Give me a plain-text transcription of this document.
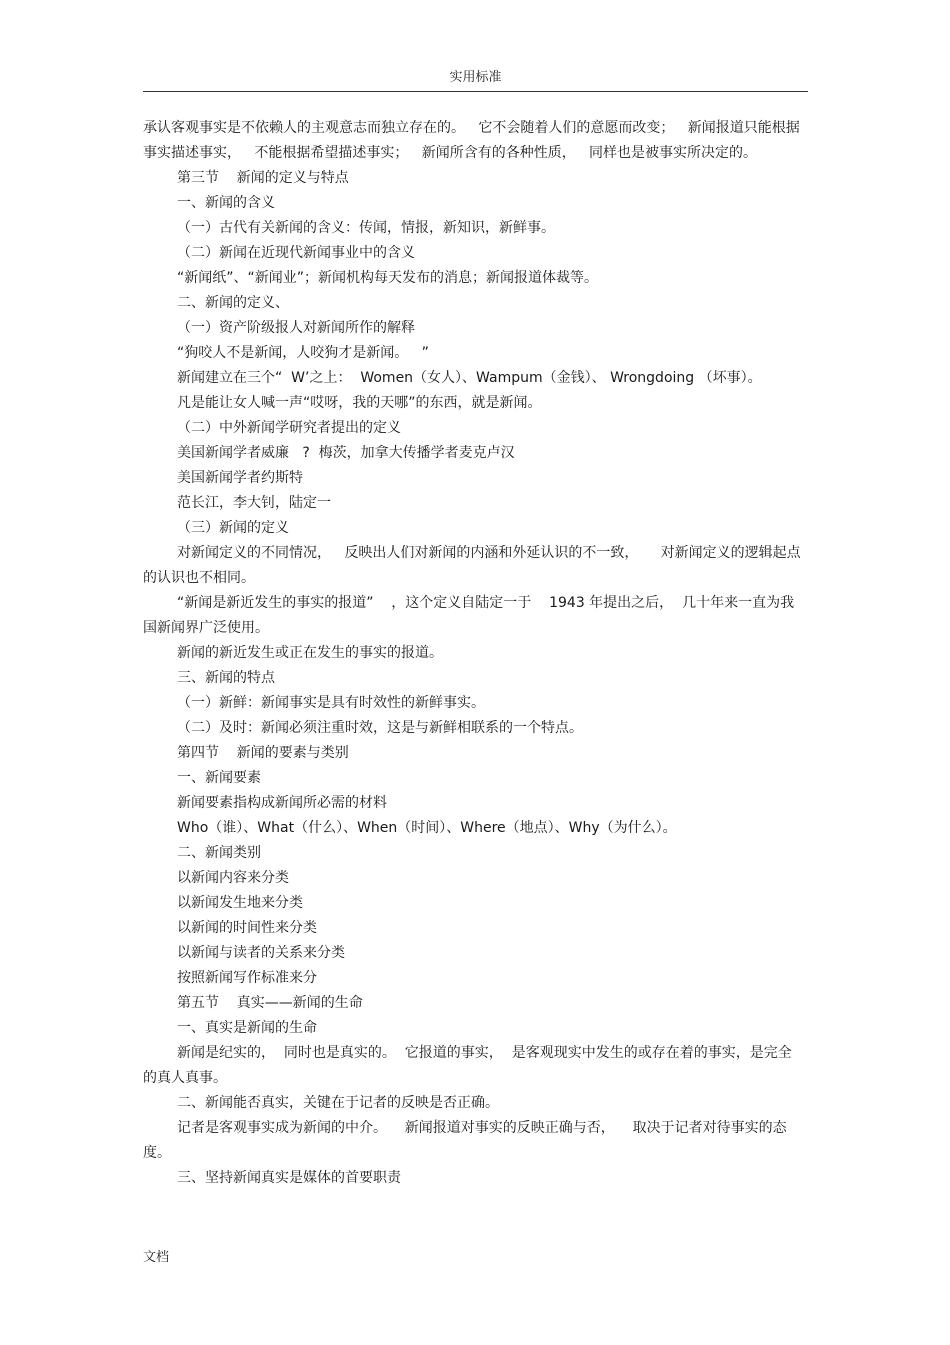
实用标准

承认客观事实是不依赖人的主观意志而独立存在的。   它不会随着人们的意愿而改变；   新闻报道只能根据事实描述事实，   不能根据希望描述事实；   新闻所含有的各种性质，   同样也是被事实所决定的。

第三节    新闻的定义与特点

一、新闻的含义

（一）古代有关新闻的含义：传闻，情报，新知识，新鲜事。

（二）新闻在近现代新闻事业中的含义

“新闻纸”、“新闻业”；新闻机构每天发布的消息；新闻报道体裁等。

二、新闻的定义、

（一）资产阶级报人对新闻所作的解释

“狗咬人不是新闻，人咬狗才是新闻。   ”

新闻建立在三个“  W’之上：  Women（女人）、Wampum（金钱）、 Wrongdoing （坏事）。

凡是能让女人喊一声“哎呀，我的天哪”的东西，就是新闻。

（二）中外新闻学研究者提出的定义

美国新闻学者威廉   ?  梅茨，加拿大传播学者麦克卢汉

美国新闻学者约斯特

范长江，李大钊，陆定一

（三）新闻的定义

对新闻定义的不同情况，   反映出人们对新闻的内涵和外延认识的不一致，     对新闻定义的逻辑起点的认识也不相同。

“新闻是新近发生的事实的报道”    ，这个定义自陆定一于    1943 年提出之后，  几十年来一直为我国新闻界广泛使用。

新闻的新近发生或正在发生的事实的报道。

三、新闻的特点

（一）新鲜：新闻事实是具有时效性的新鲜事实。

（二）及时：新闻必须注重时效，这是与新鲜相联系的一个特点。

第四节    新闻的要素与类别

一、新闻要素

新闻要素指构成新闻所必需的材料

Who（谁）、What（什么）、When（时间）、Where（地点）、Why（为什么）。

二、新闻类别

以新闻内容来分类

以新闻发生地来分类

以新闻的时间性来分类

以新闻与读者的关系来分类

按照新闻写作标准来分

第五节    真实——新闻的生命

一、真实是新闻的生命

新闻是纪实的，  同时也是真实的。  它报道的事实，  是客观现实中发生的或存在着的事实，是完全的真人真事。

二、新闻能否真实，关键在于记者的反映是否正确。

记者是客观事实成为新闻的中介。    新闻报道对事实的反映正确与否，    取决于记者对待事实的态度。

三、坚持新闻真实是媒体的首要职责

文档
